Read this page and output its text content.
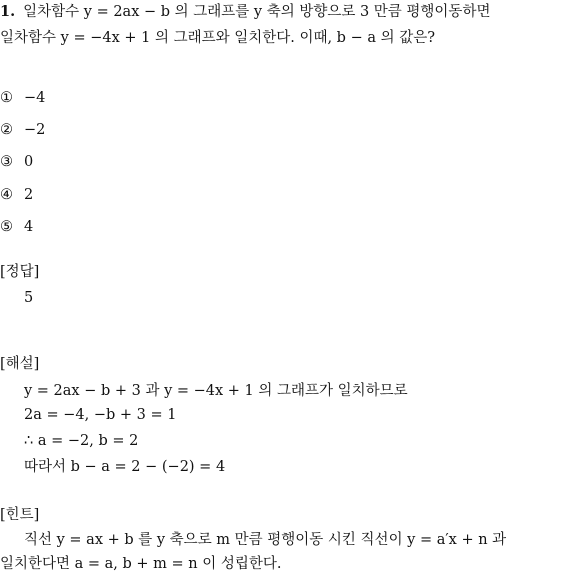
1. 일차함수 y = 2ax − b 의 그래프를 y 축의 방향으로 3 만큼 평행이동하면
일차함수 y = −4x + 1 의 그래프와 일치한다. 이때, b − a 의 값은?
① −4
② −2
③ 0
④ 2
⑤ 4
[정답]
5
[해설]
y = 2ax − b + 3 과 y = −4x + 1 의 그래프가 일치하므로
2a = −4, −b + 3 = 1
∴ a = −2, b = 2
따라서 b − a = 2 − (−2) = 4
[힌트]
직선 y = ax + b 를 y 축으로 m 만큼 평행이동 시킨 직선이 y = a′x + n 과
일치한다면 a = a, b + m = n 이 성립한다.
